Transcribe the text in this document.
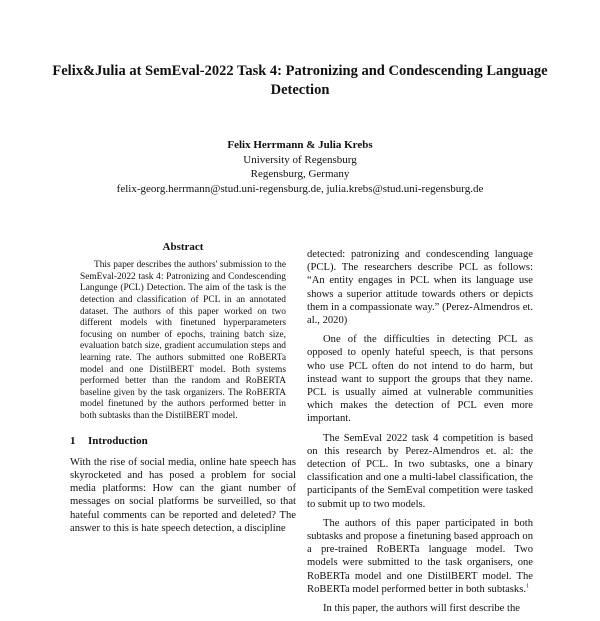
Felix&Julia at SemEval-2022 Task 4: Patronizing and Condescending Language Detection
Felix Herrmann & Julia Krebs
University of Regensburg
Regensburg, Germany
felix-georg.herrmann@stud.uni-regensburg.de, julia.krebs@stud.uni-regensburg.de
Abstract
This paper describes the authors' submission to the SemEval-2022 task 4: Patronizing and Condescending Langunge (PCL) Detection. The aim of the task is the detection and classification of PCL in an annotated dataset. The authors of this paper worked on two different models with finetuned hyperparameters focusing on number of epochs, training batch size, evaluation batch size, gradient accumulation steps and learning rate. The authors submitted one RoBERTa model and one DistilBERT model. Both systems performed better than the random and RoBERTA baseline given by the task organizers. The RoBERTA model finetuned by the authors performed better in both subtasks than the DistilBERT model.
1 Introduction

With the rise of social media, online hate speech has skyrocketed and has posed a problem for social media platforms: How can the giant number of messages on social platforms be surveilled, so that hateful comments can be reported and deleted? The answer to this is hate speech detection, a discipline

detected: patronizing and condescending language (PCL). The researchers describe PCL as follows: “An entity engages in PCL when its language use shows a superior attitude towards others or depicts them in a compassionate way.” (Perez-Almendros et. al., 2020)

One of the difficulties in detecting PCL as opposed to openly hateful speech, is that persons who use PCL often do not intend to do harm, but instead want to support the groups that they name. PCL is usually aimed at vulnerable communities which makes the detection of PCL even more important.

The SemEval 2022 task 4 competition is based on this research by Perez-Almendros et. al: the detection of PCL. In two subtasks, one a binary classification and one a multi-label classification, the participants of the SemEval competition were tasked to submit up to two models.

The authors of this paper participated in both subtasks and propose a finetuning based approach on a pre-trained RoBERTa language model. Two models were submitted to the task organisers, one RoBERTa model and one DistilBERT model. The RoBERTa model performed better in both subtasks.$^1$

In this paper, the authors will first describe the
